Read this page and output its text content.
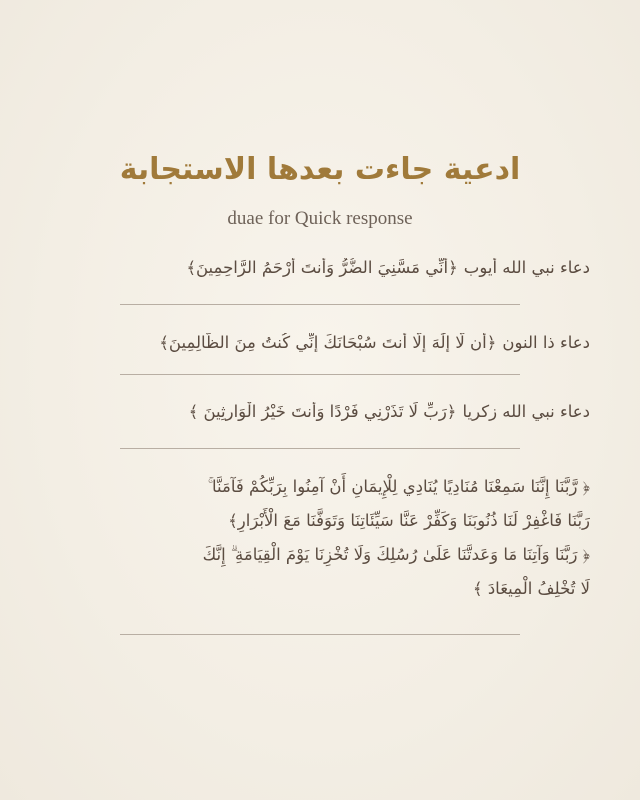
ادعية جاءت بعدها الاستجابة
duae for Quick response
دعاء نبي الله أيوب﴿أَنِّي مَسَّنِيَ الضُّرُّ وَأَنتَ أَرْحَمُ الرَّاحِمِينَ﴾
دعاء ذا النون﴿أن لَّا إِلَٰهَ إِلَّا أَنتَ سُبْحَانَكَ إِنِّي كُنتُ مِنَ الظَّالِمِينَ﴾
دعاء نبي الله زكريا﴿رَبِّ لَا تَذَرْنِي فَرْدًا وَأَنتَ خَيْرُ الْوَارِثِينَ ﴾
﴿ رَّبَّنَا إِنَّنَا سَمِعْنَا مُنَادِيًا يُنَادِي لِلْإِيمَانِ أَنْ آمِنُوا بِرَبِّكُمْ فَآمَنَّا ۚ
رَبَّنَا فَاغْفِرْ لَنَا ذُنُوبَنَا وَكَفِّرْ عَنَّا سَيِّئَاتِنَا وَتَوَفَّنَا مَعَ الْأَبْرَارِ﴾
﴿ رَبَّنَا وَآتِنَا مَا وَعَدتَّنَا عَلَىٰ رُسُلِكَ وَلَا تُخْزِنَا يَوْمَ الْقِيَامَةِ ۗ إِنَّكَ
لَا تُخْلِفُ الْمِيعَادَ ﴾
